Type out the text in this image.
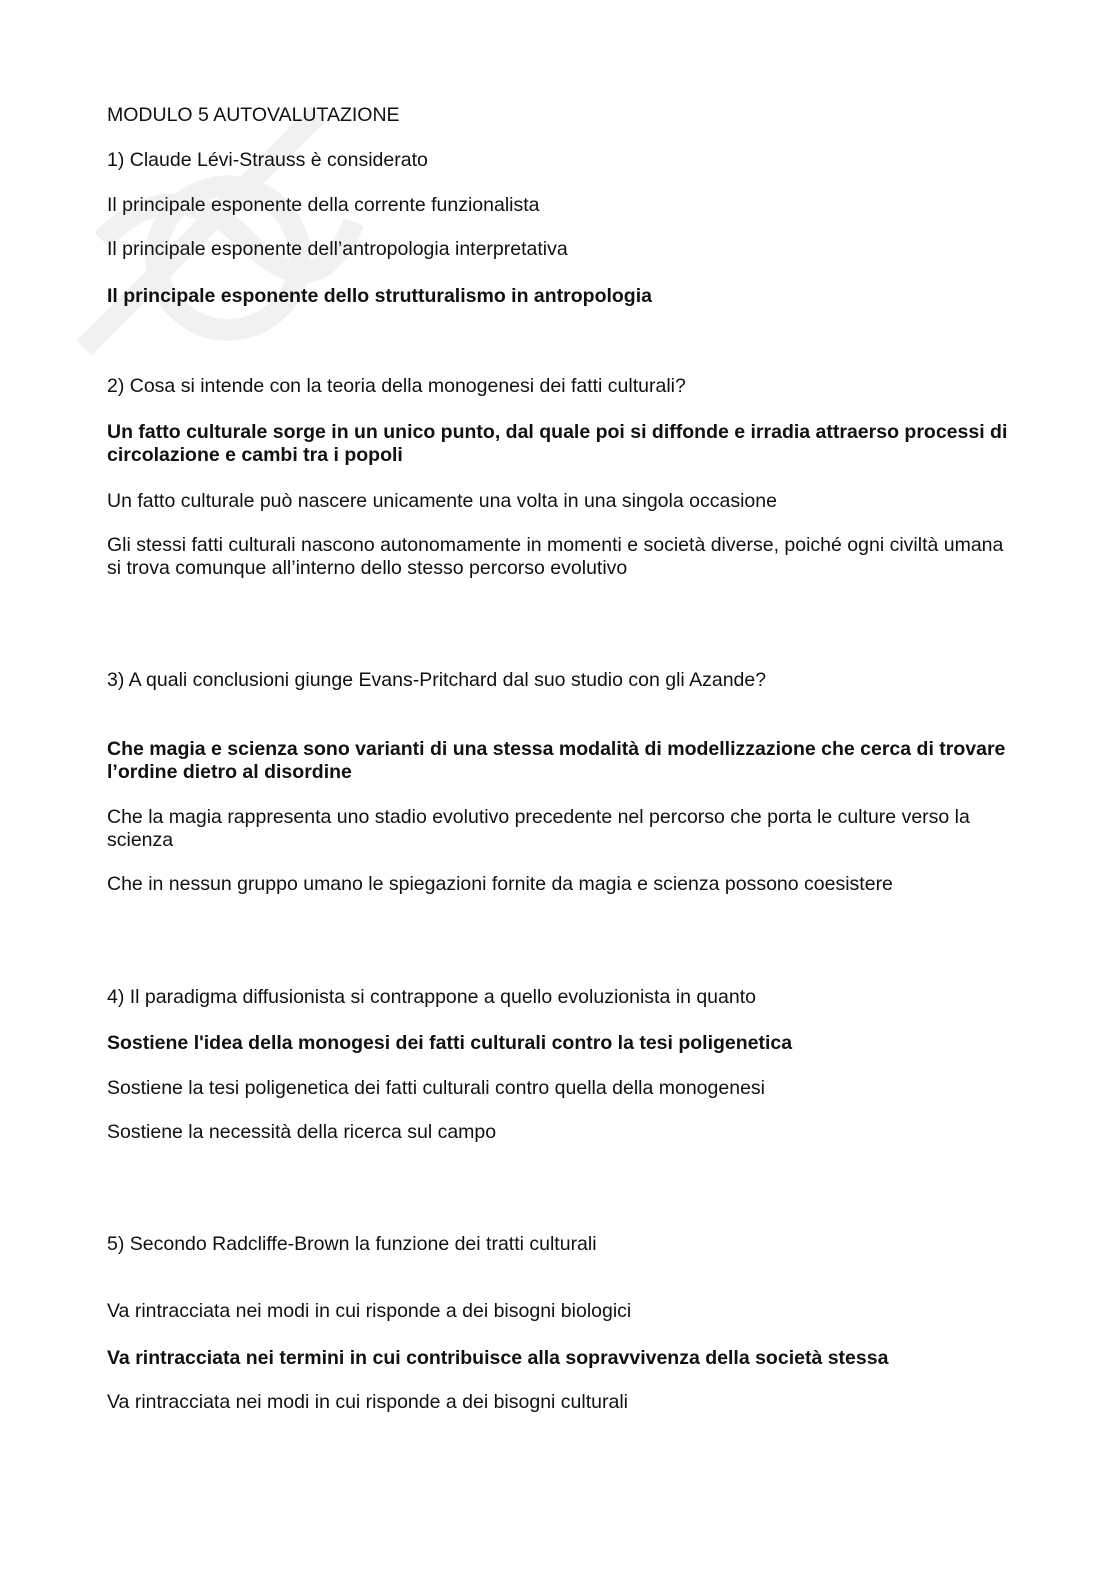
MODULO 5 AUTOVALUTAZIONE
1) Claude Lévi-Strauss è considerato
Il principale esponente della corrente funzionalista
Il principale esponente dell’antropologia interpretativa
Il principale esponente dello strutturalismo in antropologia
2) Cosa si intende con la teoria della monogenesi dei fatti culturali?
Un fatto culturale sorge in un unico punto, dal quale poi si diffonde e irradia attraerso processi di circolazione e cambi tra i popoli
Un fatto culturale può nascere unicamente una volta in una singola occasione
Gli stessi fatti culturali nascono autonomamente in momenti e società diverse, poiché ogni civiltà umana si trova comunque all’interno dello stesso percorso evolutivo
3) A quali conclusioni giunge Evans-Pritchard dal suo studio con gli Azande?
Che magia e scienza sono varianti di una stessa modalità di modellizzazione che cerca di trovare l’ordine dietro al disordine
Che la magia rappresenta uno stadio evolutivo precedente nel percorso che porta le culture verso la scienza
Che in nessun gruppo umano le spiegazioni fornite da magia e scienza possono coesistere
4) Il paradigma diffusionista si contrappone a quello evoluzionista in quanto
Sostiene l'idea della monogesi dei fatti culturali contro la tesi poligenetica
Sostiene la tesi poligenetica dei fatti culturali contro quella della monogenesi
Sostiene la necessità della ricerca sul campo
5) Secondo Radcliffe-Brown la funzione dei tratti culturali
Va rintracciata nei modi in cui risponde a dei bisogni biologici
Va rintracciata nei termini in cui contribuisce alla sopravvivenza della società stessa
Va rintracciata nei modi in cui risponde a dei bisogni culturali
